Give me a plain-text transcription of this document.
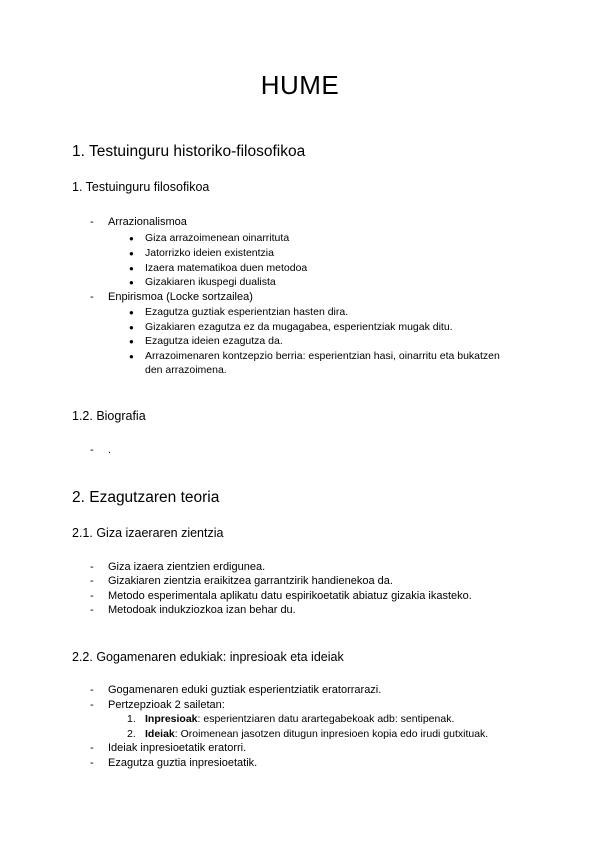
HUME
1. Testuinguru historiko-filosofikoa
1. Testuinguru filosofikoa
- Arrazionalismoa
● Giza arrazoimenean oinarrituta
● Jatorrizko ideien existentzia
● Izaera matematikoa duen metodoa
● Gizakiaren ikuspegi dualista
- Enpirismoa (Locke sortzailea)
● Ezagutza guztiak esperientzian hasten dira.
● Gizakiaren ezagutza ez da mugagabea, esperientziak mugak ditu.
● Ezagutza ideien ezagutza da.
● Arrazoimenaren kontzepzio berria: esperientzian hasi, oinarritu eta bukatzen
den arrazoimena.
1.2. Biografia
- .
2. Ezagutzaren teoria
2.1. Giza izaeraren zientzia
- Giza izaera zientzien erdigunea.
- Gizakiaren zientzia eraikitzea garrantzirik handienekoa da.
- Metodo esperimentala aplikatu datu espirikoetatik abiatuz gizakia ikasteko.
- Metodoak indukziozkoa izan behar du.
2.2. Gogamenaren edukiak: inpresioak eta ideiak
- Gogamenaren eduki guztiak esperientziatik eratorrarazi.
- Pertzepzioak 2 sailetan:
1. Inpresioak: esperientziaren datu arartegabekoak adb: sentipenak.
2. Ideiak: Oroimenean jasotzen ditugun inpresioen kopia edo irudi gutxituak.
- Ideiak inpresioetatik eratorri.
- Ezagutza guztia inpresioetatik.
